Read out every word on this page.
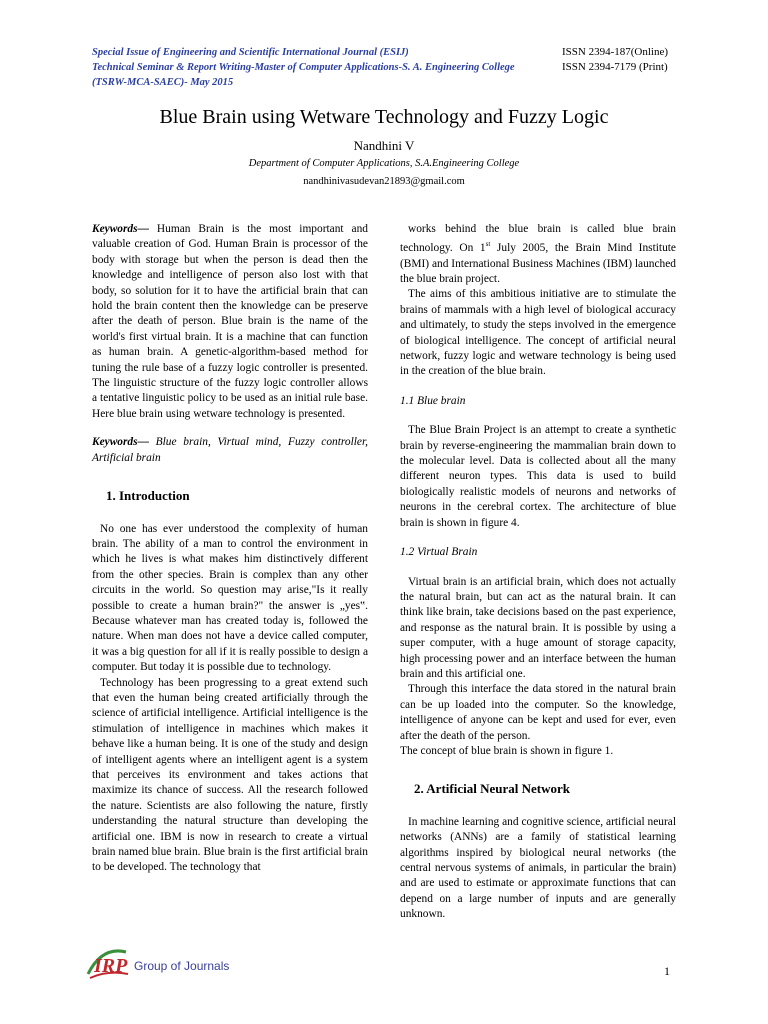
Special Issue of Engineering and Scientific International Journal (ESIJ)
Technical Seminar & Report Writing-Master of Computer Applications-S. A. Engineering College
(TSRW-MCA-SAEC)- May 2015
ISSN 2394-187(Online)
ISSN 2394-7179 (Print)
Blue Brain using Wetware Technology and Fuzzy Logic
Nandhini V
Department of Computer Applications, S.A.Engineering College
nandhinivasudevan21893@gmail.com

Keywords— Human Brain is the most important and valuable creation of God. Human Brain is processor of the body with storage but when the person is dead then the knowledge and intelligence of person also lost with that body, so solution for it to have the artificial brain that can hold the brain content then the knowledge can be preserve after the death of person. Blue brain is the name of the world's first virtual brain. It is a machine that can function as human brain. A genetic-algorithm-based method for tuning the rule base of a fuzzy logic controller is presented. The linguistic structure of the fuzzy logic controller allows a tentative linguistic policy to be used as an initial rule base. Here blue brain using wetware technology is presented.

Keywords— Blue brain, Virtual mind, Fuzzy controller, Artificial brain

1. Introduction

No one has ever understood the complexity of human brain. The ability of a man to control the environment in which he lives is what makes him distinctively different from the other species. Brain is complex than any other circuits in the world. So question may arise,"Is it really possible to create a human brain?" the answer is „yes‟. Because whatever man has created today is, followed the nature. When man does not have a device called computer, it was a big question for all if it is really possible to design a computer. But today it is possible due to technology.

Technology has been progressing to a great extend such that even the human being created artificially through the science of artificial intelligence. Artificial intelligence is the stimulation of intelligence in machines which makes it behave like a human being. It is one of the study and design of intelligent agents where an intelligent agent is a system that perceives its environment and takes actions that maximize its chance of success. All the research followed the nature. Scientists are also following the nature, firstly understanding the natural structure than developing the artificial one. IBM is now in research to create a virtual brain named blue brain. Blue brain is the first artificial brain to be developed. The technology that

works behind the blue brain is called blue brain technology. On 1st July 2005, the Brain Mind Institute (BMI) and International Business Machines (IBM) launched the blue brain project.

The aims of this ambitious initiative are to stimulate the brains of mammals with a high level of biological accuracy and ultimately, to study the steps involved in the emergence of biological intelligence. The concept of artificial neural network, fuzzy logic and wetware technology is being used in the creation of the blue brain.

1.1 Blue brain

The Blue Brain Project is an attempt to create a synthetic brain by reverse-engineering the mammalian brain down to the molecular level. Data is collected about all the many different neuron types. This data is used to build biologically realistic models of neurons and networks of neurons in the cerebral cortex. The architecture of blue brain is shown in figure 4.

1.2 Virtual Brain

Virtual brain is an artificial brain, which does not actually the natural brain, but can act as the natural brain. It can think like brain, take decisions based on the past experience, and response as the natural brain. It is possible by using a super computer, with a huge amount of storage capacity, high processing power and an interface between the human brain and this artificial one.

Through this interface the data stored in the natural brain can be up loaded into the computer. So the knowledge, intelligence of anyone can be kept and used for ever, even after the death of the person.

The concept of blue brain is shown in figure 1.

2. Artificial Neural Network

In machine learning and cognitive science, artificial neural networks (ANNs) are a family of statistical learning algorithms inspired by biological neural networks (the central nervous systems of animals, in particular the brain) and are used to estimate or approximate functions that can depend on a large number of inputs and are generally unknown.

IRP Group of Journals	1
